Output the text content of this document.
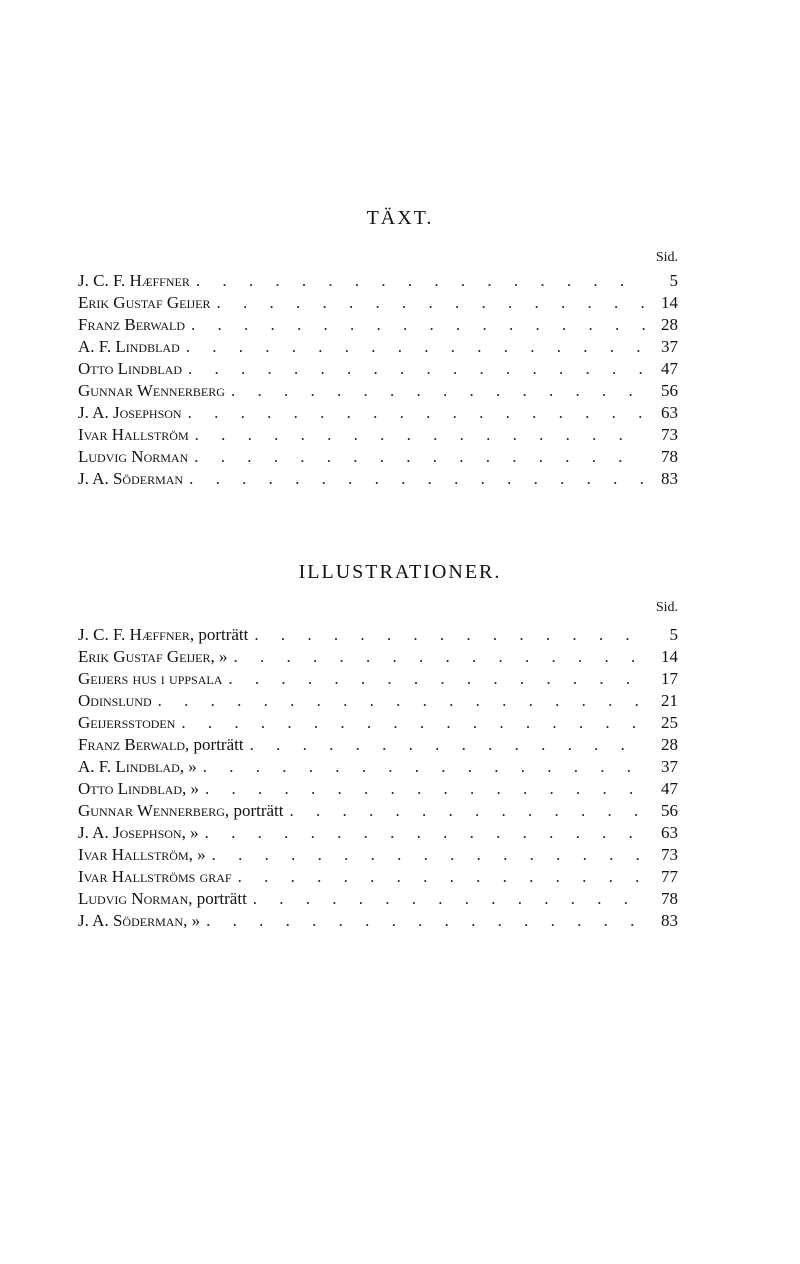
TÄXT.
Sid.
J. C. F. Hæffner . . .	5
Erik Gustaf Geijer . . .	14
Franz Berwald . . .	28
A. F. Lindblad . . .	37
Otto Lindblad . . .	47
Gunnar Wennerberg . . .	56
J. A. Josephson . . .	63
Ivar Hallström . . .	73
Ludvig Norman . . .	78
J. A. Söderman . . .	83
ILLUSTRATIONER.
Sid.
J. C. F. Hæffner, porträtt . . .	5
Erik Gustaf Geijer, » . . .	14
Geijers hus i uppsala . . .	17
Odinslund . . .	21
Geijersstoden . . .	25
Franz Berwald, porträtt . . .	28
A. F. Lindblad, » . . .	37
Otto Lindblad, » . . .	47
Gunnar Wennerberg, porträtt . . .	56
J. A. Josephson, » . . .	63
Ivar Hallström, » . . .	73
Ivar Hallströms graf . . .	77
Ludvig Norman, porträtt . . .	78
J. A. Söderman, » . . .	83
